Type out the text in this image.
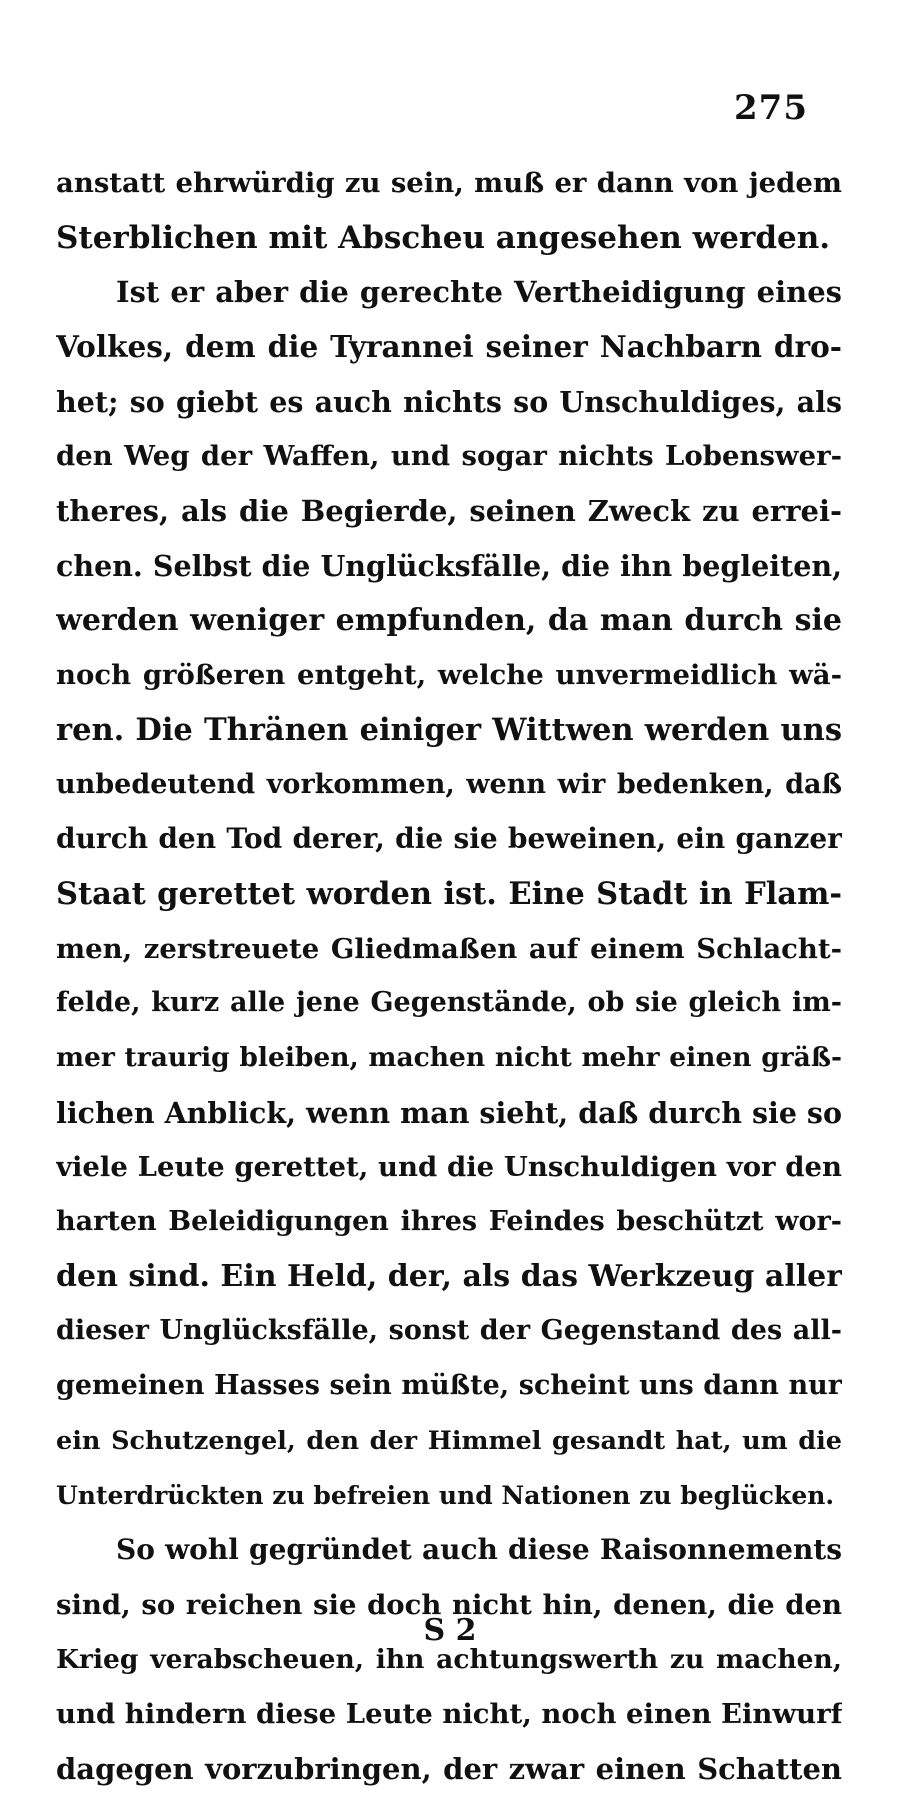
275
anstatt ehrwürdig zu sein, muß er dann von jedem
Sterblichen mit Abscheu angesehen werden.
Ist er aber die gerechte Vertheidigung eines
Volkes, dem die Tyrannei seiner Nachbarn dro-
het; so giebt es auch nichts so Unschuldiges, als
den Weg der Waffen, und sogar nichts Lobenswer-
theres, als die Begierde, seinen Zweck zu errei-
chen. Selbst die Unglücksfälle, die ihn begleiten,
werden weniger empfunden, da man durch sie
noch größeren entgeht, welche unvermeidlich wä-
ren. Die Thränen einiger Wittwen werden uns
unbedeutend vorkommen, wenn wir bedenken, daß
durch den Tod derer, die sie beweinen, ein ganzer
Staat gerettet worden ist. Eine Stadt in Flam-
men, zerstreuete Gliedmaßen auf einem Schlacht-
felde, kurz alle jene Gegenstände, ob sie gleich im-
mer traurig bleiben, machen nicht mehr einen gräß-
lichen Anblick, wenn man sieht, daß durch sie so
viele Leute gerettet, und die Unschuldigen vor den
harten Beleidigungen ihres Feindes beschützt wor-
den sind. Ein Held, der, als das Werkzeug aller
dieser Unglücksfälle, sonst der Gegenstand des all-
gemeinen Hasses sein müßte, scheint uns dann nur
ein Schutzengel, den der Himmel gesandt hat, um die
Unterdrückten zu befreien und Nationen zu beglücken.
So wohl gegründet auch diese Raisonnements
sind, so reichen sie doch nicht hin, denen, die den
Krieg verabscheuen, ihn achtungswerth zu machen,
und hindern diese Leute nicht, noch einen Einwurf
dagegen vorzubringen, der zwar einen Schatten
S 2
